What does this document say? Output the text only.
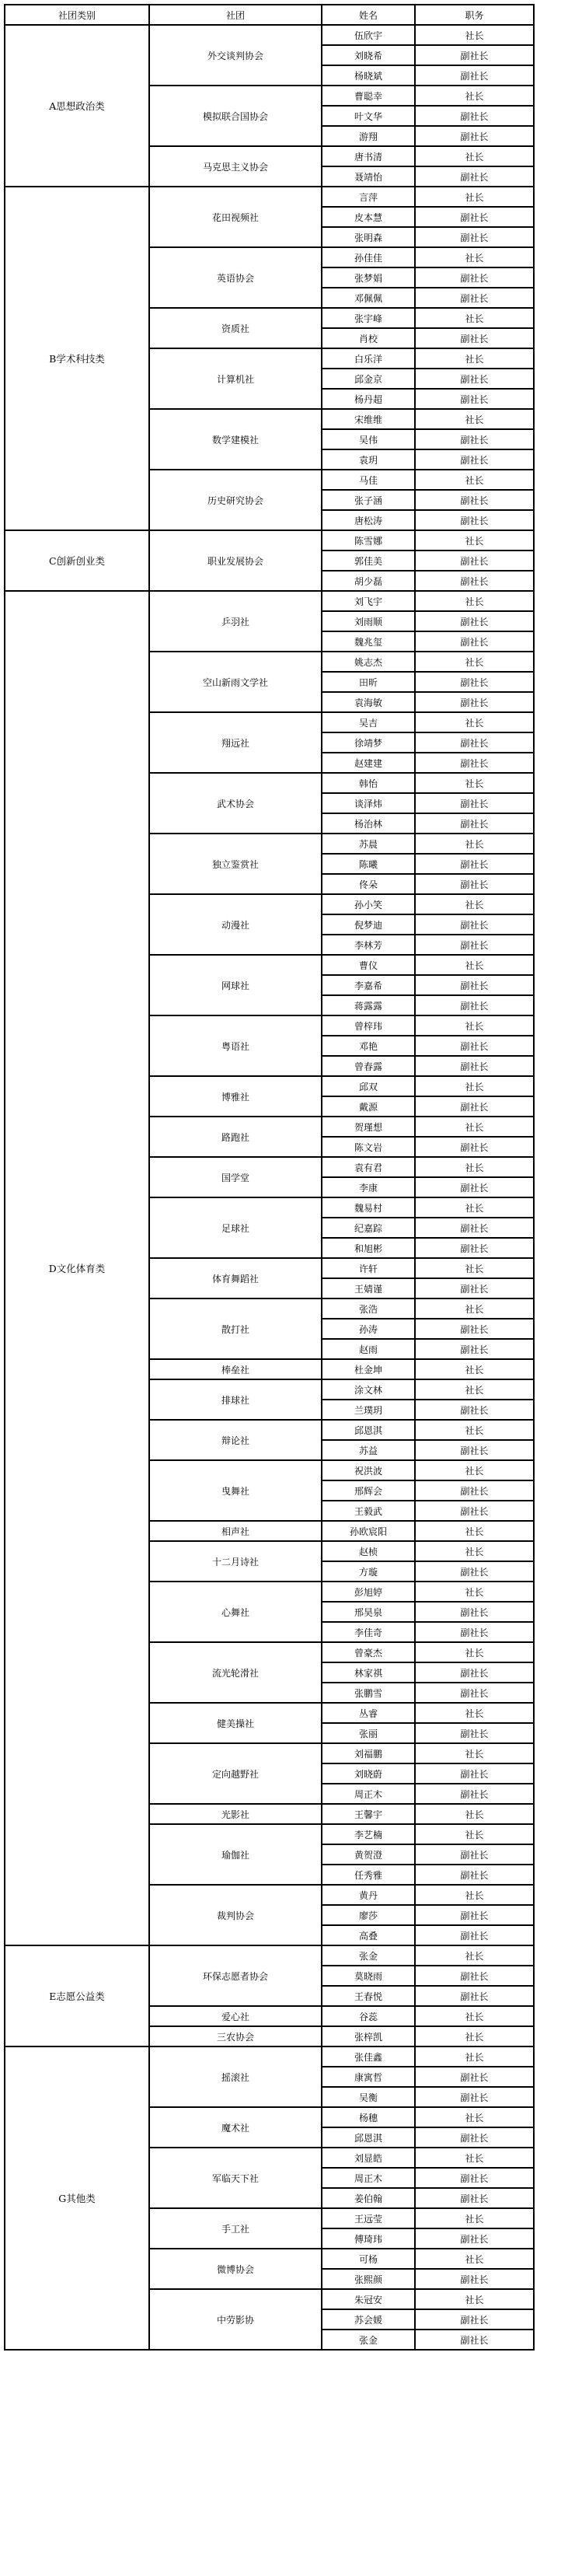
社团类别	社团	姓名	职务
A思想政治类	外交谈判协会	伍欣宇	社长
		刘晓希	副社长
		杨晓斌	副社长
	模拟联合国协会	曹聪幸	社长
		叶文华	副社长
		游翔	副社长
	马克思主义协会	唐书清	社长
		聂靖怡	副社长
B学术科技类	花田视频社	言萍	社长
		皮本慧	副社长
		张明森	副社长
	英语协会	孙佳佳	社长
		张梦娟	副社长
		邓佩佩	副社长
	资质社	张宇峰	社长
		肖校	副社长
	计算机社	白乐洋	社长
		邱金京	副社长
		杨丹超	副社长
	数学建模社	宋维维	社长
		吴伟	副社长
		袁玥	副社长
	历史研究协会	马佳	社长
		张子涵	副社长
		唐松涛	副社长
C创新创业类	职业发展协会	陈雪娜	社长
		郭佳美	副社长
		胡少磊	副社长
D文化体育类	乒羽社	刘飞宇	社长
		刘雨顺	副社长
		魏兆玺	副社长
	空山新雨文学社	姚志杰	社长
		田昕	副社长
		袁海敏	副社长
	翔远社	吴吉	社长
		徐靖梦	副社长
		赵建建	副社长
	武术协会	韩怡	社长
		谈泽炜	副社长
		杨治林	副社长
	独立鉴赏社	苏晨	社长
		陈曦	副社长
		佟朵	副社长
	动漫社	孙小笑	社长
		倪梦迪	副社长
		李林芳	副社长
	网球社	曹仪	社长
		李嘉希	副社长
		蒋露露	副社长
	粤语社	曾梓玮	社长
		邓艳	副社长
		曾春露	副社长
	博雅社	邱双	社长
		戴源	副社长
	路跑社	贺瑾想	社长
		陈文岩	副社长
	国学堂	袁有君	社长
		李康	副社长
	足球社	魏易村	社长
		纪嘉踪	副社长
		和旭彬	副社长
	体育舞蹈社	许轩	社长
		王婧谨	副社长
	散打社	张浩	社长
		孙涛	副社长
		赵雨	副社长
	棒垒社	杜金坤	社长
	排球社	涂文林	社长
		兰璞玥	副社长
	辩论社	邱恩淇	社长
		苏益	副社长
	曳舞社	祝洪波	社长
		邢辉会	副社长
		王毅武	副社长
	相声社	孙欧宸阳	社长
	十二月诗社	赵桢	社长
		方璇	副社长
	心舞社	彭旭婷	社长
		邢昊泉	副社长
		李佳奇	副社长
	流光轮滑社	曾豪杰	社长
		林家祺	副社长
		张鹏雪	副社长
	健美操社	丛睿	社长
		张丽	副社长
	定向越野社	刘福鹏	社长
		刘晓蔚	副社长
		周正木	副社长
	光影社	王馨宇	社长
	瑜伽社	李艺楠	社长
		黄贺澄	副社长
		任秀雅	副社长
	裁判协会	黄丹	社长
		廖莎	副社长
		高叠	副社长
E志愿公益类	环保志愿者协会	张金	社长
		莫晓雨	副社长
		王春悦	副社长
	爱心社	谷蕊	社长
	三农协会	张梓凯	社长
G其他类	摇滚社	张佳鑫	社长
		康寓哲	副社长
		吴衡	副社长
	魔术社	杨穗	社长
		邱恩淇	副社长
	军临天下社	刘显皓	社长
		周正木	副社长
		姜伯翰	副社长
	手工社	王远莹	社长
		傅琦玮	副社长
	微博协会	可杨	社长
		张熙颜	副社长
	中劳影协	朱冠安	社长
		苏会媛	副社长
		张金	副社长
